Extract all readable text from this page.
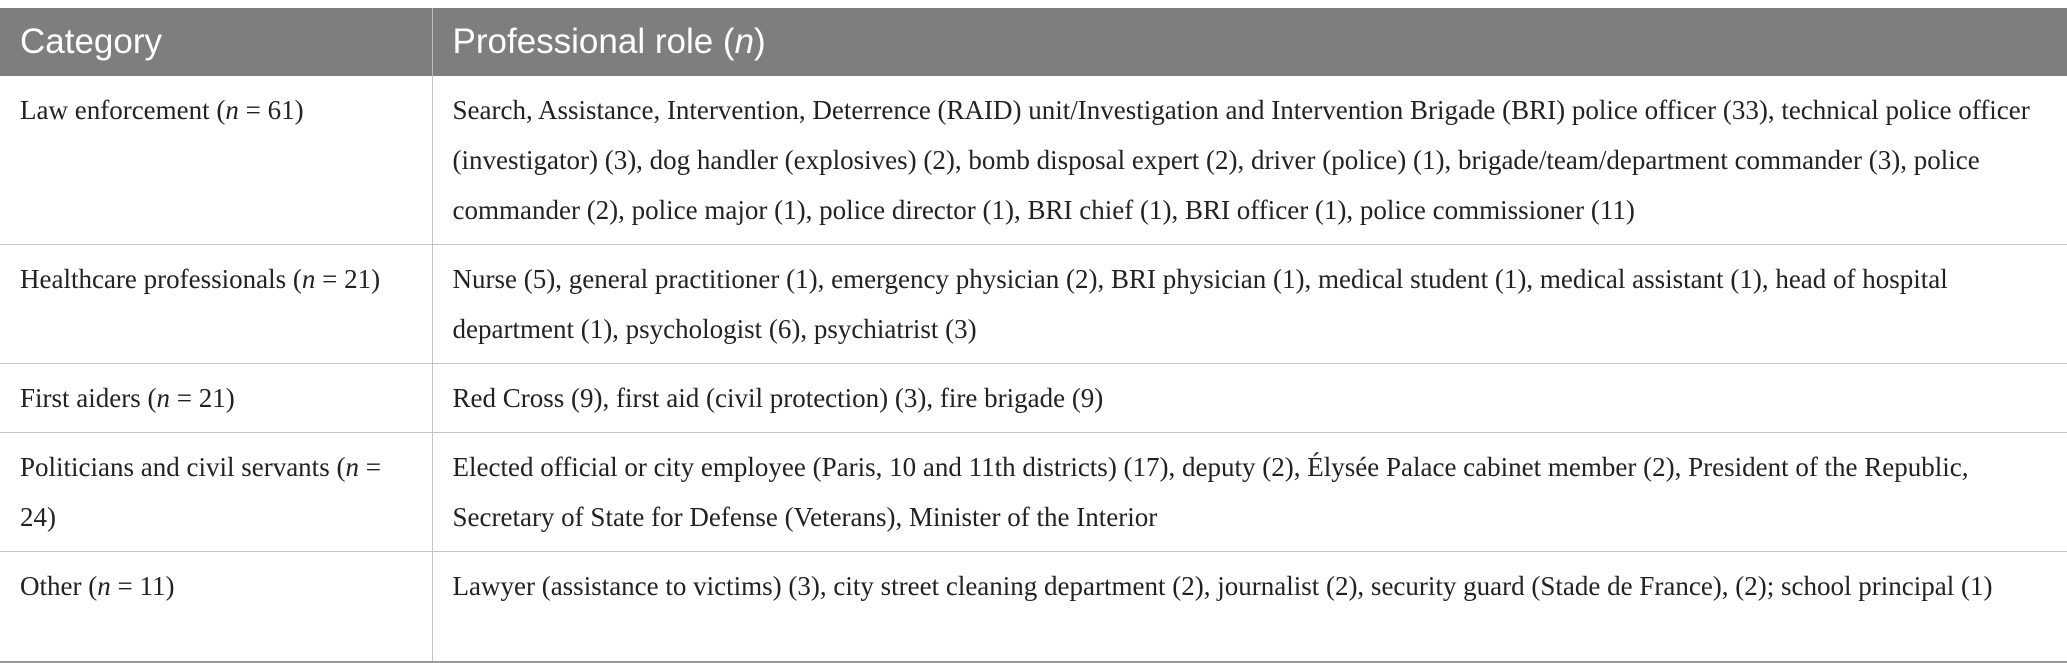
Category	Professional role (n)
Law enforcement (n = 61)	Search, Assistance, Intervention, Deterrence (RAID) unit/Investigation and Intervention Brigade (BRI) police officer (33), technical police officer (investigator) (3), dog handler (explosives) (2), bomb disposal expert (2), driver (police) (1), brigade/team/department commander (3), police commander (2), police major (1), police director (1), BRI chief (1), BRI officer (1), police commissioner (11)
Healthcare professionals (n = 21)	Nurse (5), general practitioner (1), emergency physician (2), BRI physician (1), medical student (1), medical assistant (1), head of hospital department (1), psychologist (6), psychiatrist (3)
First aiders (n = 21)	Red Cross (9), first aid (civil protection) (3), fire brigade (9)
Politicians and civil servants (n = 24)	Elected official or city employee (Paris, 10 and 11th districts) (17), deputy (2), Élysée Palace cabinet member (2), President of the Republic, Secretary of State for Defense (Veterans), Minister of the Interior
Other (n = 11)	Lawyer (assistance to victims) (3), city street cleaning department (2), journalist (2), security guard (Stade de France), (2); school principal (1)
